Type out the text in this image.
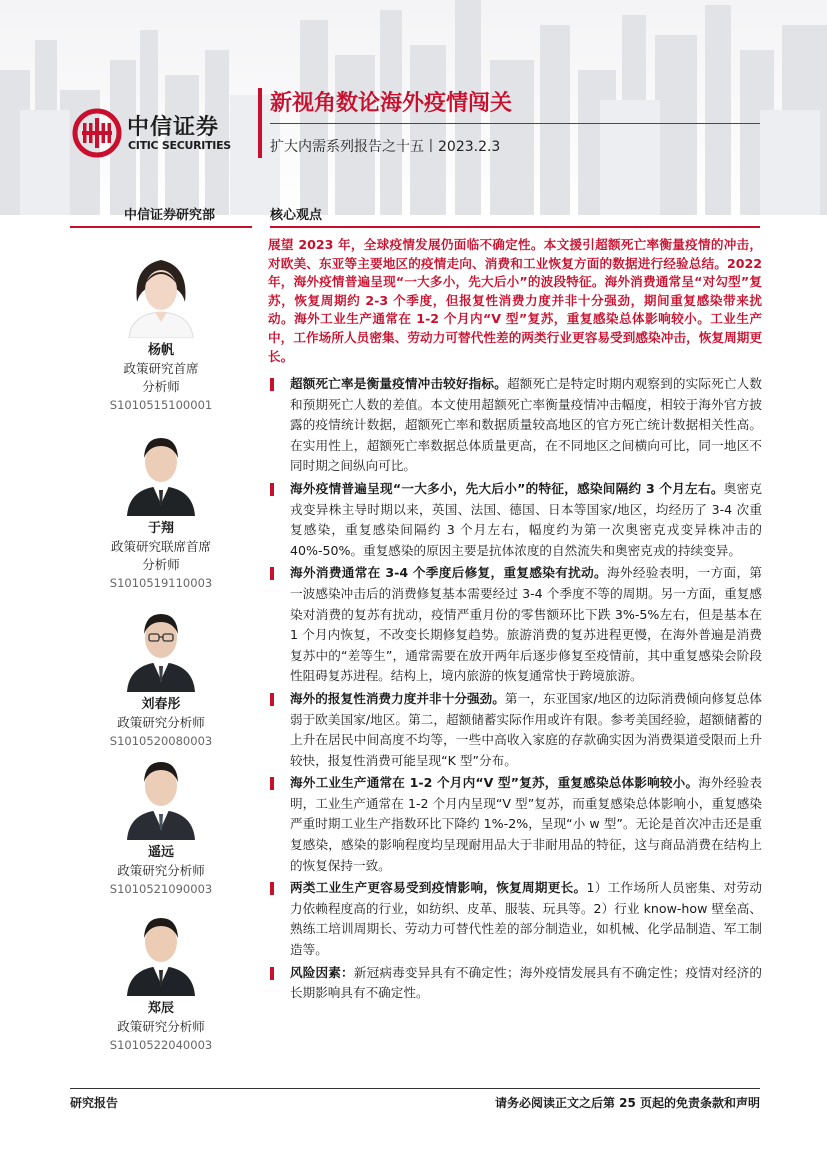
中信证券
CITIC SECURITIES
新视角数论海外疫情闯关
扩大内需系列报告之十五丨2023.2.3
中信证券研究部	核心观点
杨帆
政策研究首席
分析师
S1010515100001
于翔
政策研究联席首席
分析师
S1010519110003
刘春彤
政策研究分析师
S1010520080003
遥远
政策研究分析师
S1010521090003
郑辰
政策研究分析师
S1010522040003

展望 2023 年，全球疫情发展仍面临不确定性。本文援引超额死亡率衡量疫情的冲击，对欧美、东亚等主要地区的疫情走向、消费和工业恢复方面的数据进行经验总结。2022 年，海外疫情普遍呈现“一大多小，先大后小”的波段特征。海外消费通常呈“对勾型”复苏，恢复周期约 2-3 个季度，但报复性消费力度并非十分强劲，期间重复感染带来扰动。海外工业生产通常在 1-2 个月内“V 型”复苏，重复感染总体影响较小。工业生产中，工作场所人员密集、劳动力可替代性差的两类行业更容易受到感染冲击，恢复周期更长。

超额死亡率是衡量疫情冲击较好指标。超额死亡是特定时期内观察到的实际死亡人数和预期死亡人数的差值。本文使用超额死亡率衡量疫情冲击幅度，相较于海外官方披露的疫情统计数据，超额死亡率和数据质量较高地区的官方死亡统计数据相关性高。在实用性上，超额死亡率数据总体质量更高，在不同地区之间横向可比，同一地区不同时期之间纵向可比。
海外疫情普遍呈现“一大多小，先大后小”的特征，感染间隔约 3 个月左右。奥密克戎变异株主导时期以来，英国、法国、德国、日本等国家/地区，均经历了 3-4 次重复感染，重复感染间隔约 3 个月左右，幅度约为第一次奥密克戎变异株冲击的 40%-50%。重复感染的原因主要是抗体浓度的自然流失和奥密克戎的持续变异。
海外消费通常在 3-4 个季度后修复，重复感染有扰动。海外经验表明，一方面，第一波感染冲击后的消费修复基本需要经过 3-4 个季度不等的周期。另一方面，重复感染对消费的复苏有扰动，疫情严重月份的零售额环比下跌 3%-5%左右，但是基本在 1 个月内恢复，不改变长期修复趋势。旅游消费的复苏进程更慢，在海外普遍是消费复苏中的“差等生”，通常需要在放开两年后逐步修复至疫情前，其中重复感染会阶段性阻碍复苏进程。结构上，境内旅游的恢复通常快于跨境旅游。
海外的报复性消费力度并非十分强劲。第一，东亚国家/地区的边际消费倾向修复总体弱于欧美国家/地区。第二，超额储蓄实际作用或许有限。参考美国经验，超额储蓄的上升在居民中间高度不均等，一些中高收入家庭的存款确实因为消费渠道受限而上升较快，报复性消费可能呈现“K 型”分布。
海外工业生产通常在 1-2 个月内“V 型”复苏，重复感染总体影响较小。海外经验表明，工业生产通常在 1-2 个月内呈现“V 型”复苏，而重复感染总体影响小，重复感染严重时期工业生产指数环比下降约 1%-2%，呈现“小 w 型”。无论是首次冲击还是重复感染，感染的影响程度均呈现耐用品大于非耐用品的特征，这与商品消费在结构上的恢复保持一致。
两类工业生产更容易受到疫情影响，恢复周期更长。1）工作场所人员密集、对劳动力依赖程度高的行业，如纺织、皮革、服装、玩具等。2）行业 know-how 壁垒高、熟练工培训周期长、劳动力可替代性差的部分制造业，如机械、化学品制造、军工制造等。
风险因素：新冠病毒变异具有不确定性；海外疫情发展具有不确定性；疫情对经济的长期影响具有不确定性。
研究报告	请务必阅读正文之后第 25 页起的免责条款和声明
